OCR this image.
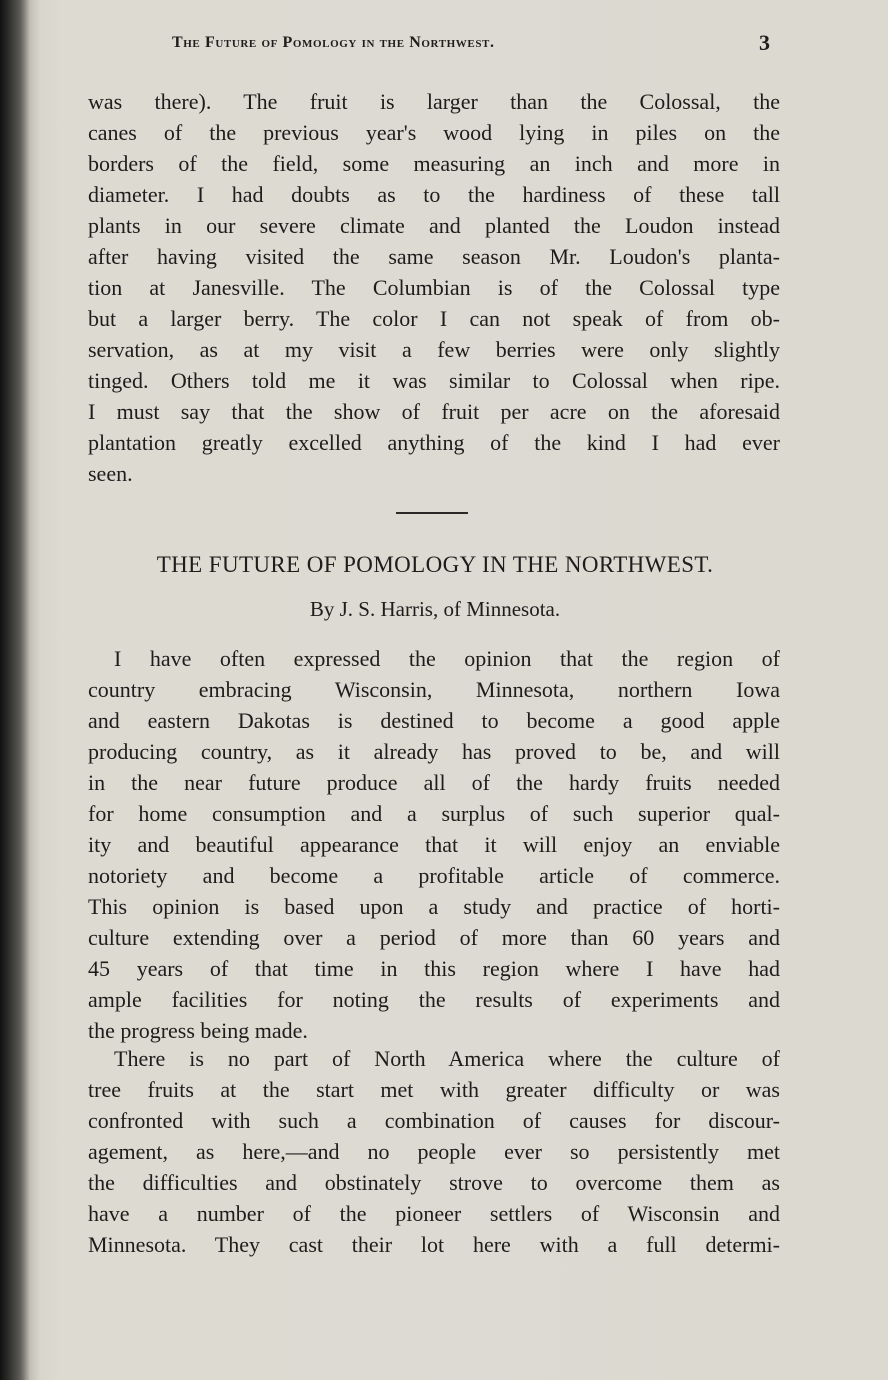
The Future of Pomology in the Northwest.	3
was there). The fruit is larger than the Colossal, the
canes of the previous year's wood lying in piles on the
borders of the field, some measuring an inch and more in
diameter. I had doubts as to the hardiness of these tall
plants in our severe climate and planted the Loudon instead
after having visited the same season Mr. Loudon's planta-
tion at Janesville. The Columbian is of the Colossal type
but a larger berry. The color I can not speak of from ob-
servation, as at my visit a few berries were only slightly
tinged. Others told me it was similar to Colossal when ripe.
I must say that the show of fruit per acre on the aforesaid
plantation greatly excelled anything of the kind I had ever
seen.
THE FUTURE OF POMOLOGY IN THE NORTHWEST.
By J. S. Harris, of Minnesota.
I have often expressed the opinion that the region of
country embracing Wisconsin, Minnesota, northern Iowa
and eastern Dakotas is destined to become a good apple
producing country, as it already has proved to be, and will
in the near future produce all of the hardy fruits needed
for home consumption and a surplus of such superior qual-
ity and beautiful appearance that it will enjoy an enviable
notoriety and become a profitable article of commerce.
This opinion is based upon a study and practice of horti-
culture extending over a period of more than 60 years and
45 years of that time in this region where I have had
ample facilities for noting the results of experiments and
the progress being made.
There is no part of North America where the culture of
tree fruits at the start met with greater difficulty or was
confronted with such a combination of causes for discour-
agement, as here,—and no people ever so persistently met
the difficulties and obstinately strove to overcome them as
have a number of the pioneer settlers of Wisconsin and
Minnesota. They cast their lot here with a full determi-
